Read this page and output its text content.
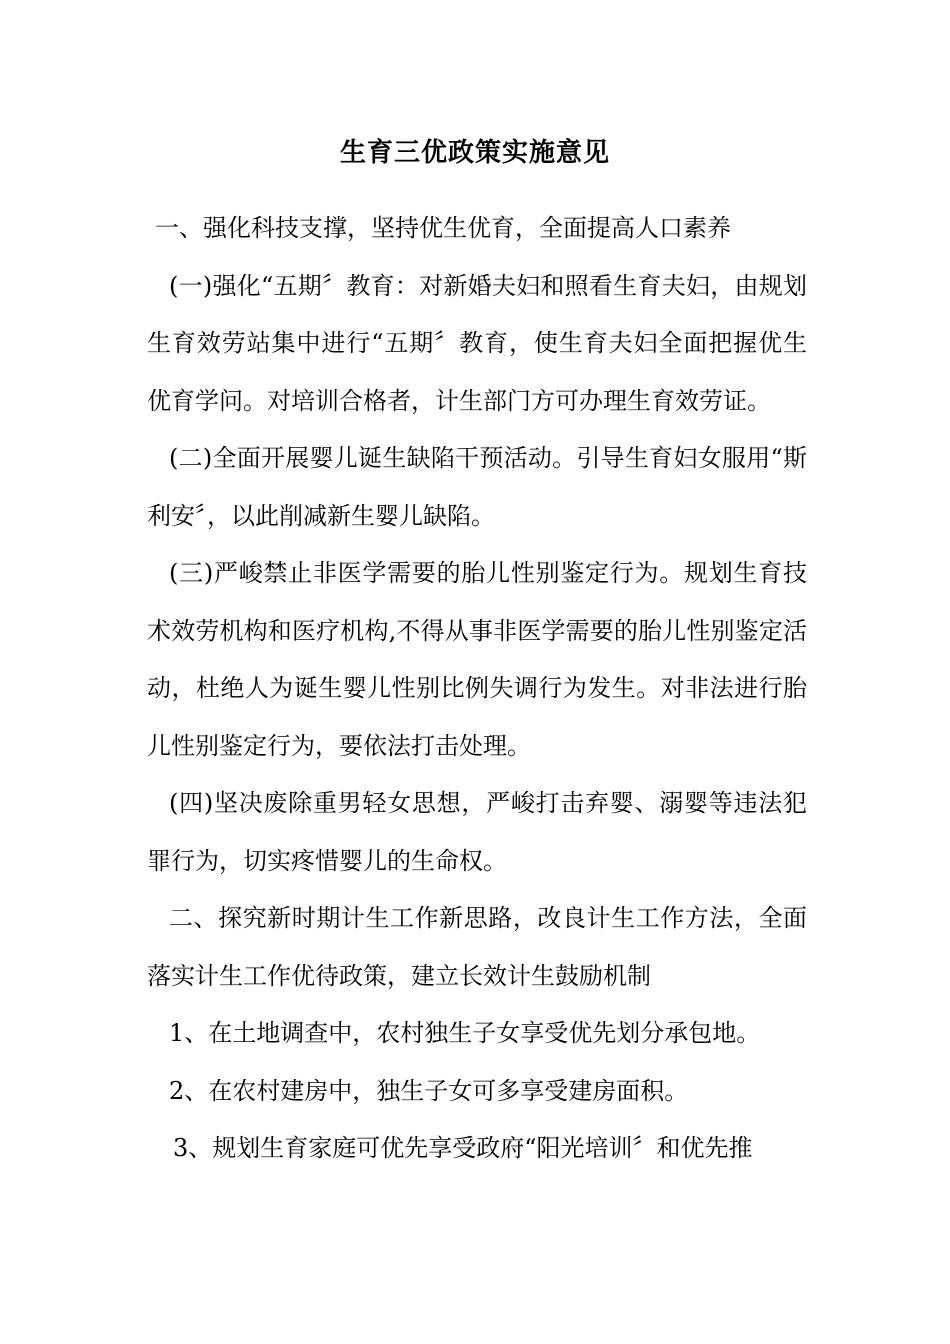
生育三优政策实施意见

一、强化科技支撑，坚持优生优育，全面提高人口素养

(一)强化“五期〞教育：对新婚夫妇和照看生育夫妇，由规划生育效劳站集中进行“五期〞教育，使生育夫妇全面把握优生优育学问。对培训合格者，计生部门方可办理生育效劳证。

(二)全面开展婴儿诞生缺陷干预活动。引导生育妇女服用“斯利安〞，以此削减新生婴儿缺陷。

(三)严峻禁止非医学需要的胎儿性别鉴定行为。规划生育技术效劳机构和医疗机构,不得从事非医学需要的胎儿性别鉴定活动，杜绝人为诞生婴儿性别比例失调行为发生。对非法进行胎儿性别鉴定行为，要依法打击处理。

(四)坚决废除重男轻女思想，严峻打击弃婴、溺婴等违法犯罪行为，切实疼惜婴儿的生命权。

二、探究新时期计生工作新思路，改良计生工作方法，全面落实计生工作优待政策，建立长效计生鼓励机制

1、在土地调查中，农村独生子女享受优先划分承包地。

2、在农村建房中，独生子女可多享受建房面积。

3、规划生育家庭可优先享受政府“阳光培训〞和优先推
